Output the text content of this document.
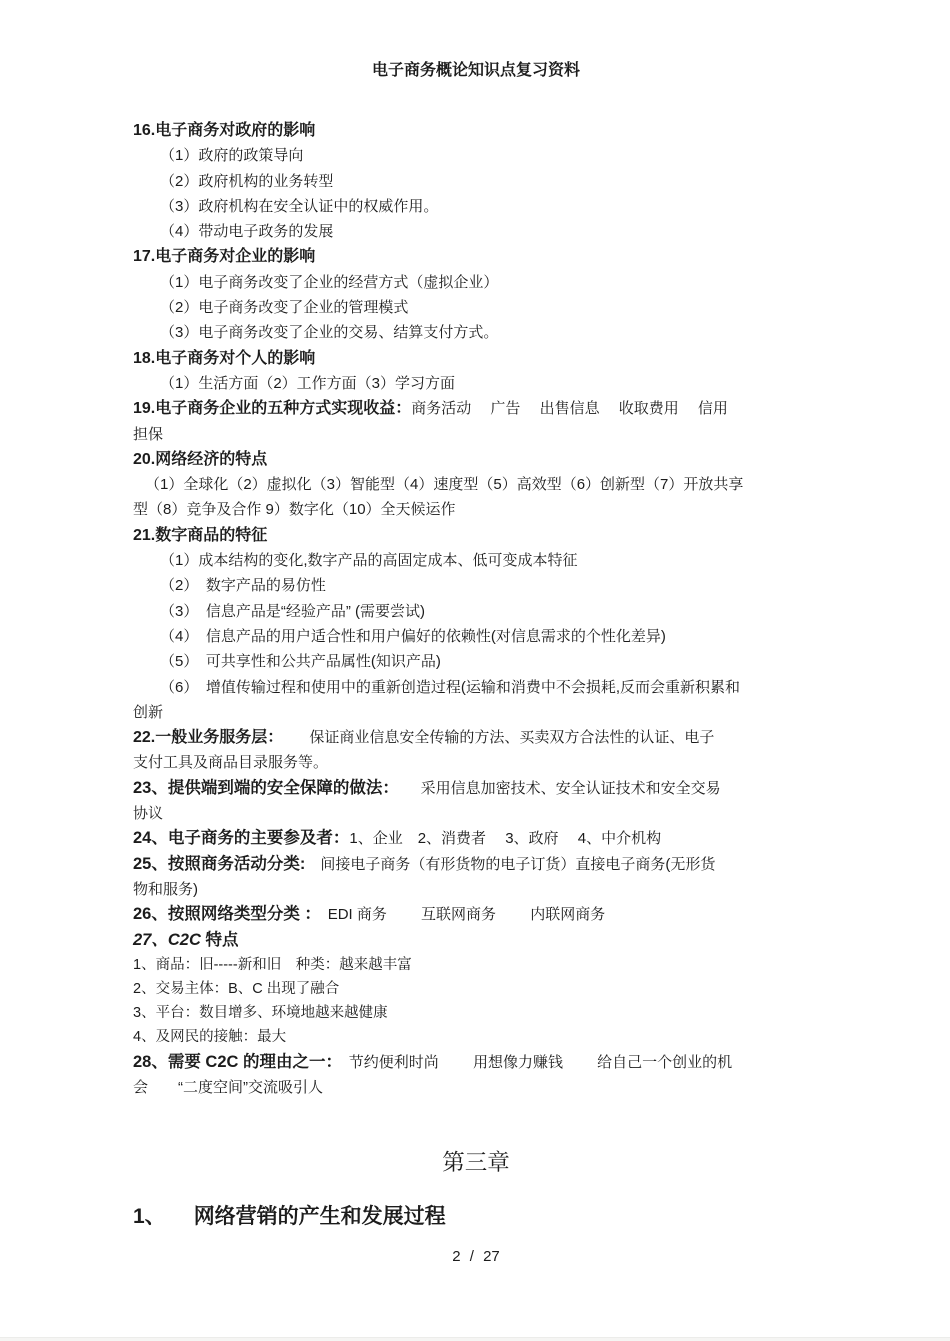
电子商务概论知识点复习资料

16.电子商务对政府的影响

（1）政府的政策导向

（2）政府机构的业务转型

（3）政府机构在安全认证中的权威作用。

（4）带动电子政务的发展

17.电子商务对企业的影响

（1）电子商务改变了企业的经营方式（虚拟企业）

（2）电子商务改变了企业的管理模式

（3）电子商务改变了企业的交易、结算支付方式。

18.电子商务对个人的影响

（1）生活方面（2）工作方面（3）学习方面

19.电子商务企业的五种方式实现收益：商务活动　 广告　 出售信息　 收取费用　 信用

担保

20.网络经济的特点

（1）全球化（2）虚拟化（3）智能型（4）速度型（5）高效型（6）创新型（7）开放共享

型（8）竞争及合作 9）数字化（10）全天候运作

21.数字商品的特征

（1）成本结构的变化,数字产品的高固定成本、低可变成本特征

（2）　数字产品的易仿性

（3）　信息产品是“经验产品” (需要尝试)

（4）　信息产品的用户适合性和用户偏好的依赖性(对信息需求的个性化差异)

（5）　可共享性和公共产品属性(知识产品)

（6）　增值传输过程和使用中的重新创造过程(运输和消费中不会损耗,反而会重新积累和

创新

22.一般业务服务层：　　 保证商业信息安全传输的方法、买卖双方合法性的认证、电子

支付工具及商品目录服务等。

23、提供端到端的安全保障的做法：　　采用信息加密技术、安全认证技术和安全交易

协议

24、电子商务的主要参及者：1、企业　2、消费者　 3、政府　 4、中介机构

25、按照商务活动分类:　间接电子商务（有形货物的电子订货）直接电子商务(无形货

物和服务)

26、按照网络类型分类 ：　EDI 商务　　 互联网商务　　 内联网商务

27、C2C 特点

1、商品：旧-----新和旧　种类：越来越丰富

2、交易主体：B、C 出现了融合

3、平台：数目增多、环境地越来越健康

4、及网民的接触：最大

28、需要 C2C 的理由之一：　节约便利时尚　　 用想像力赚钱　　 给自己一个创业的机

会　　“二度空间”交流吸引人

第三章

1、 网络营销的产生和发展过程
2 / 27
